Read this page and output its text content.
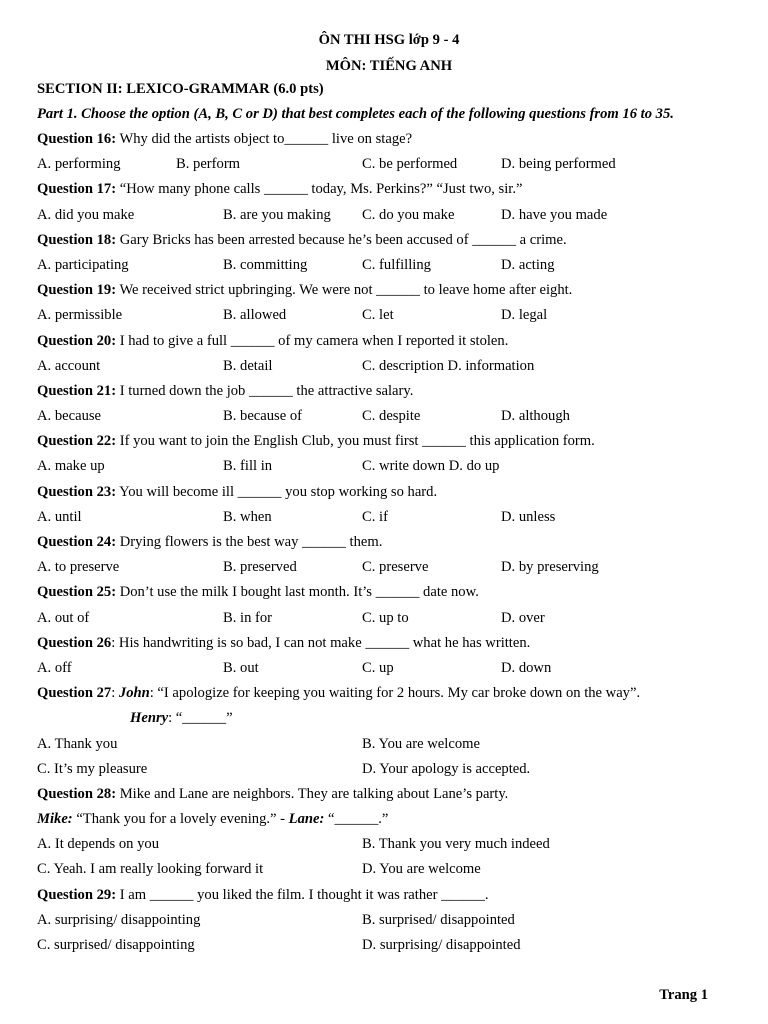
ÔN THI HSG lớp 9 - 4
MÔN: TIẾNG ANH
SECTION II: LEXICO-GRAMMAR (6.0 pts)
Part 1. Choose the option (A, B, C or D) that best completes each of the following questions from 16 to 35.
Question 16: Why did the artists object to______ live on stage?
A. performing	B. perform	C. be performed	D. being performed
Question 17: “How many phone calls ______ today, Ms. Perkins?” “Just two, sir.”
A. did you make	B. are you making C. do you make	D. have you made
Question 18: Gary Bricks has been arrested because he’s been accused of ______ a crime.
A. participating	B. committing	C. fulfilling	D. acting
Question 19: We received strict upbringing. We were not ______ to leave home after eight.
A. permissible	B. allowed	C. let	D. legal
Question 20: I had to give a full ______ of my camera when I reported it stolen.
A. account	B. detail	C. description D. information
Question 21: I turned down the job ______ the attractive salary.
A. because	B. because of	C. despite	D. although
Question 22: If you want to join the English Club, you must first ______ this application form.
A. make up	B. fill in	C. write down D. do up
Question 23: You will become ill ______ you stop working so hard.
A. until	B. when	C. if	D. unless
Question 24: Drying flowers is the best way ______ them.
A. to preserve	B. preserved	C. preserve	D. by preserving
Question 25: Don’t use the milk I bought last month. It’s ______ date now.
A. out of	B. in for	C. up to	D. over
Question 26: His handwriting is so bad, I can not make ______ what he has written.
A. off	B. out	C. up	D. down
Question 27: John: “I apologize for keeping you waiting for 2 hours. My car broke down on the way”.
Henry: “______”
A. Thank you	B. You are welcome
C. It’s my pleasure	D. Your apology is accepted.
Question 28: Mike and Lane are neighbors. They are talking about Lane’s party.
Mike: “Thank you for a lovely evening.” - Lane: “______.”
A. It depends on you	B. Thank you very much indeed
C. Yeah. I am really looking forward it	D. You are welcome
Question 29: I am ______ you liked the film. I thought it was rather ______.
A. surprising/ disappointing	B. surprised/ disappointed
C. surprised/ disappointing	D. surprising/ disappointed
Trang 1
